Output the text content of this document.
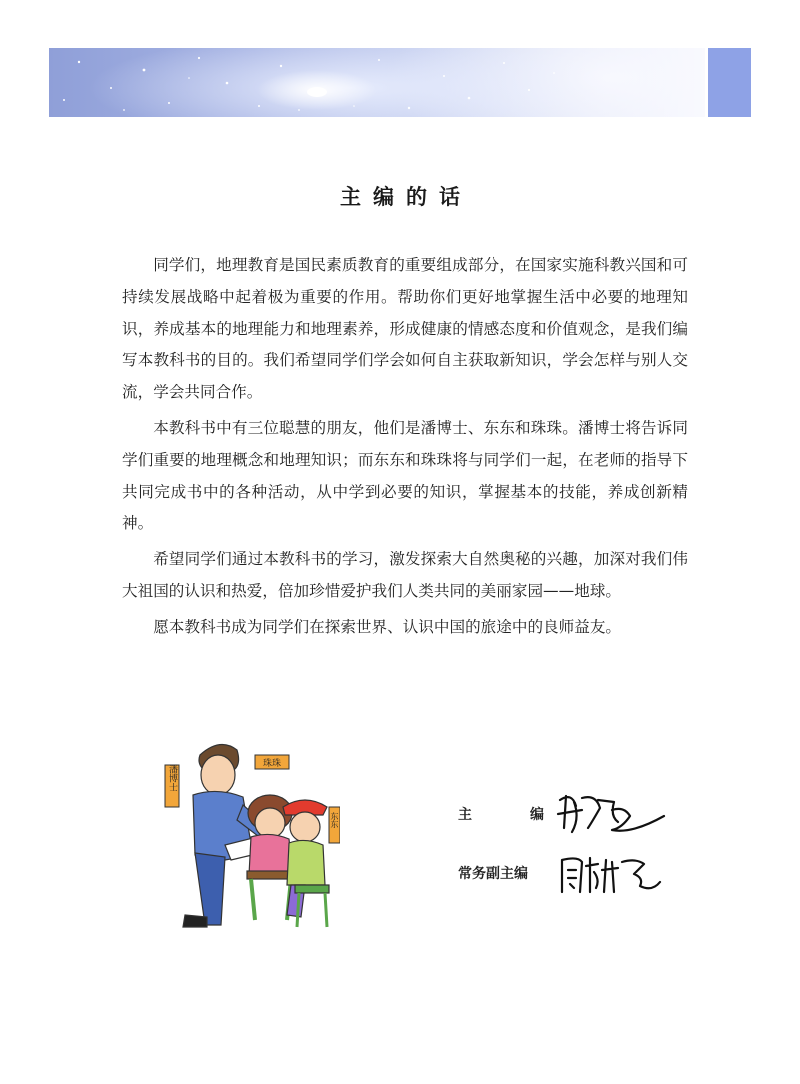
主编的话

同学们，地理教育是国民素质教育的重要组成部分，在国家实施科教兴国和可持续发展战略中起着极为重要的作用。帮助你们更好地掌握生活中必要的地理知识，养成基本的地理能力和地理素养，形成健康的情感态度和价值观念，是我们编写本教科书的目的。我们希望同学们学会如何自主获取新知识，学会怎样与别人交流，学会共同合作。

本教科书中有三位聪慧的朋友，他们是潘博士、东东和珠珠。潘博士将告诉同学们重要的地理概念和地理知识；而东东和珠珠将与同学们一起，在老师的指导下共同完成书中的各种活动，从中学到必要的知识，掌握基本的技能，养成创新精神。

希望同学们通过本教科书的学习，激发探索大自然奥秘的兴趣，加深对我们伟大祖国的认识和热爱，倍加珍惜爱护我们人类共同的美丽家园——地球。

愿本教科书成为同学们在探索世界、认识中国的旅途中的良师益友。

潘博士
珠珠
东东	主	编
常务副主编
